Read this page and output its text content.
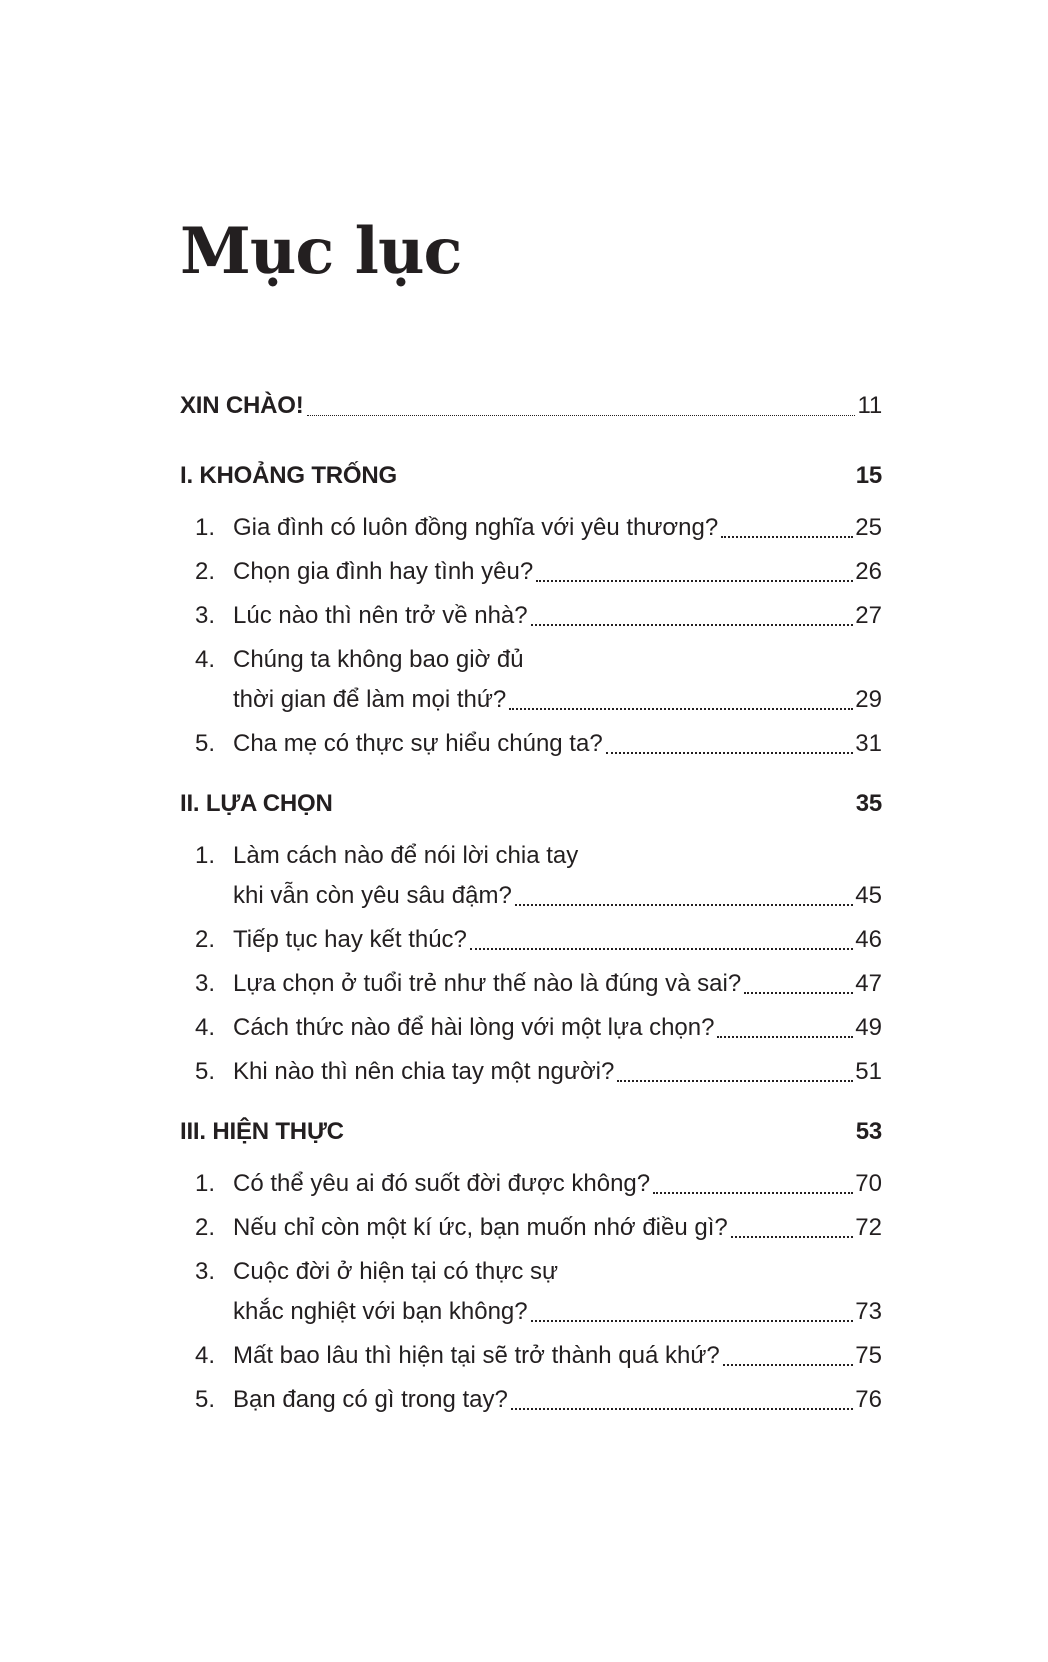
Mục lục
XIN CHÀO!	11
I. KHOẢNG TRỐNG	15
1. Gia đình có luôn đồng nghĩa với yêu thương?	25
2. Chọn gia đình hay tình yêu?	26
3. Lúc nào thì nên trở về nhà?	27
4. Chúng ta không bao giờ đủ
thời gian để làm mọi thứ?	29
5. Cha mẹ có thực sự hiểu chúng ta?	31
II. LỰA CHỌN	35
1. Làm cách nào để nói lời chia tay
khi vẫn còn yêu sâu đậm?	45
2. Tiếp tục hay kết thúc?	46
3. Lựa chọn ở tuổi trẻ như thế nào là đúng và sai?	47
4. Cách thức nào để hài lòng với một lựa chọn?	49
5. Khi nào thì nên chia tay một người?	51
III. HIỆN THỰC	53
1. Có thể yêu ai đó suốt đời được không?	70
2. Nếu chỉ còn một kí ức, bạn muốn nhớ điều gì?	72
3. Cuộc đời ở hiện tại có thực sự
khắc nghiệt với bạn không?	73
4. Mất bao lâu thì hiện tại sẽ trở thành quá khứ?	75
5. Bạn đang có gì trong tay?	76
